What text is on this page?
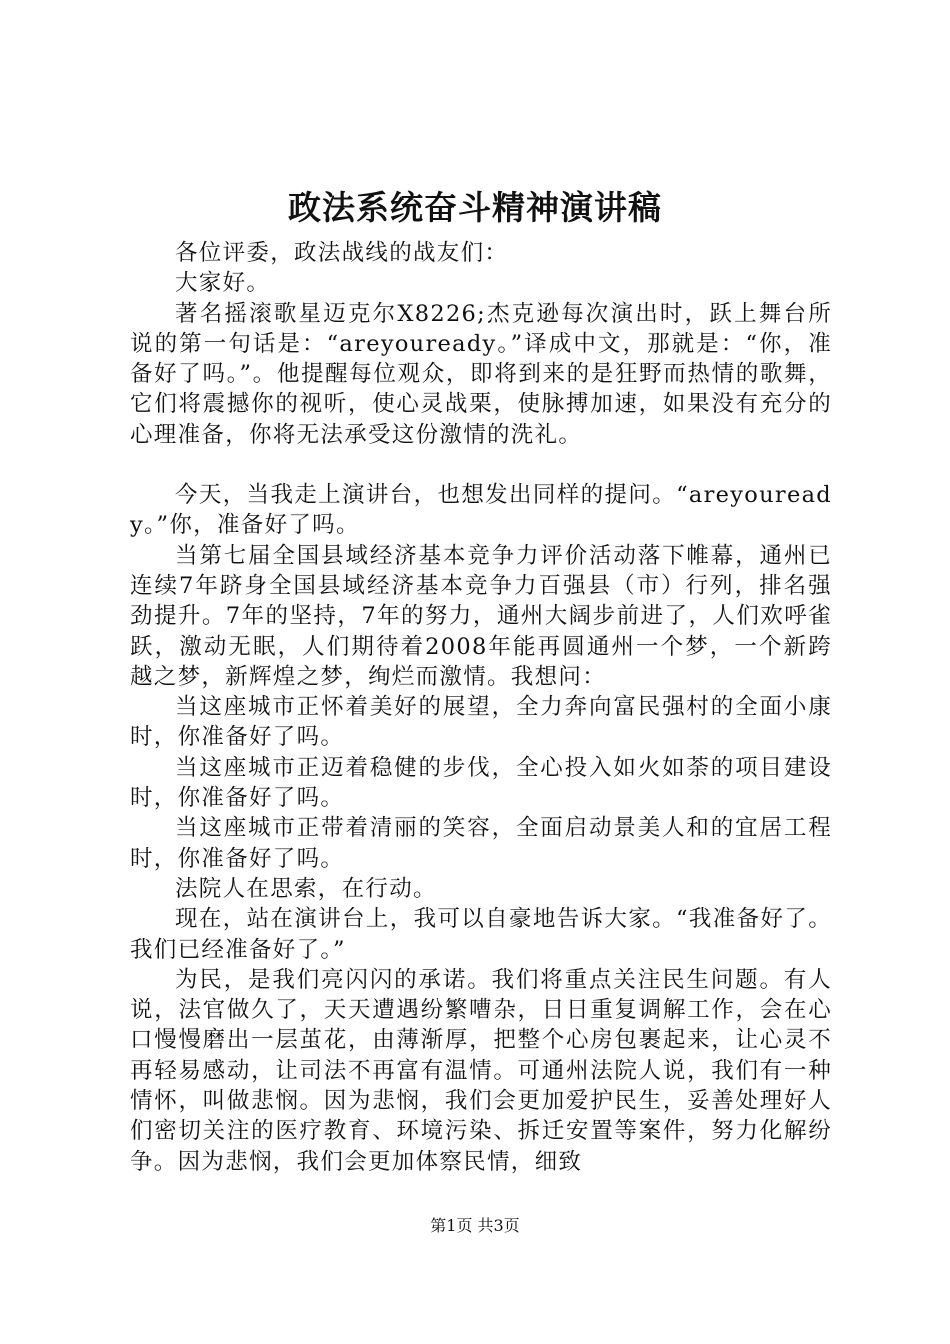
政法系统奋斗精神演讲稿

各位评委，政法战线的战友们：

大家好。

著名摇滚歌星迈克尔X8226;杰克逊每次演出时，跃上舞台所说的第一句话是：“areyouready。”译成中文，那就是：“你，准备好了吗。”。他提醒每位观众，即将到来的是狂野而热情的歌舞，它们将震撼你的视听，使心灵战栗，使脉搏加速，如果没有充分的心理准备，你将无法承受这份激情的洗礼。

今天，当我走上演讲台，也想发出同样的提问。“areyouready。”你，准备好了吗。

当第七届全国县域经济基本竞争力评价活动落下帷幕，通州已连续7年跻身全国县域经济基本竞争力百强县（市）行列，排名强劲提升。7年的坚持，7年的努力，通州大阔步前进了，人们欢呼雀跃，激动无眠，人们期待着2008年能再圆通州一个梦，一个新跨越之梦，新辉煌之梦，绚烂而激情。我想问：

当这座城市正怀着美好的展望，全力奔向富民强村的全面小康时，你准备好了吗。

当这座城市正迈着稳健的步伐，全心投入如火如荼的项目建设时，你准备好了吗。

当这座城市正带着清丽的笑容，全面启动景美人和的宜居工程时，你准备好了吗。

法院人在思索，在行动。

现在，站在演讲台上，我可以自豪地告诉大家。“我准备好了。我们已经准备好了。”

为民，是我们亮闪闪的承诺。我们将重点关注民生问题。有人说，法官做久了，天天遭遇纷繁嘈杂，日日重复调解工作，会在心口慢慢磨出一层茧花，由薄渐厚，把整个心房包裹起来，让心灵不再轻易感动，让司法不再富有温情。可通州法院人说，我们有一种情怀，叫做悲悯。因为悲悯，我们会更加爱护民生，妥善处理好人们密切关注的医疗教育、环境污染、拆迁安置等案件，努力化解纷争。因为悲悯，我们会更加体察民情，细致

第1页 共3页
